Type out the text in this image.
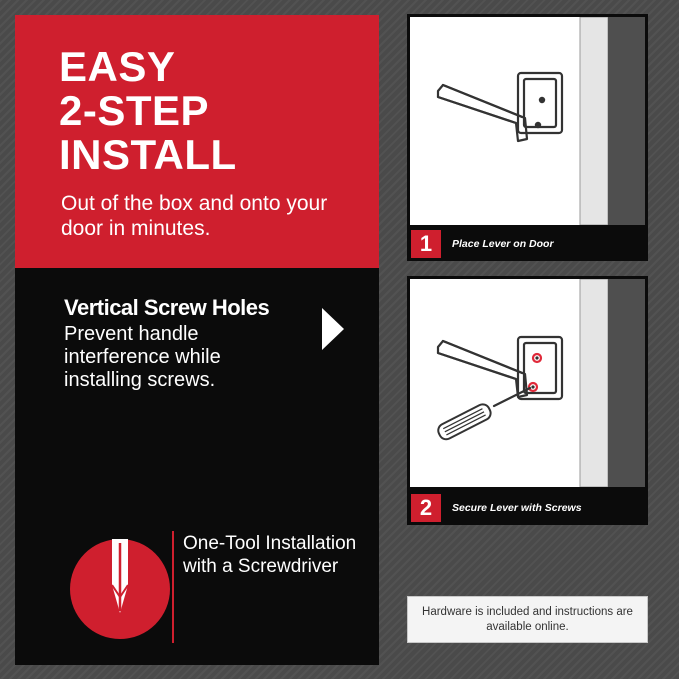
EASY
2-STEP
INSTALL

Out of the box and onto your door in minutes.

Vertical Screw Holes

Prevent handle interference while installing screws.

One-Tool Installation with a Screwdriver

1	Place Lever on Door
2	Secure Lever with Screws

Hardware is included and instructions are available online.
